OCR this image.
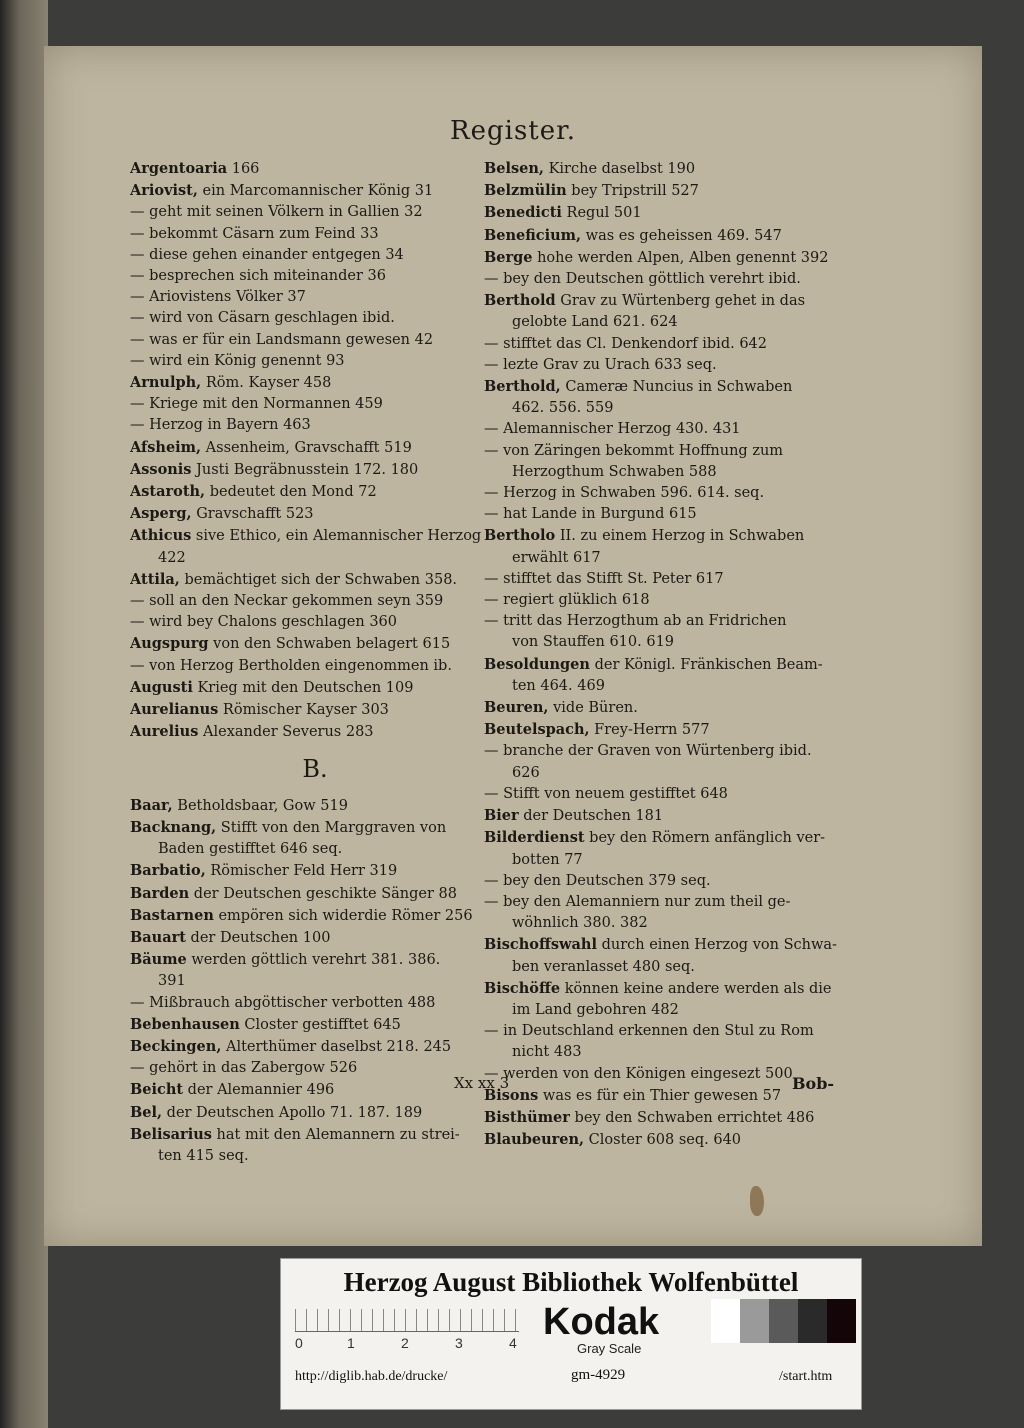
Register.
Argentoaria 166
Ariovist, ein Marcomannischer König 31
— geht mit seinen Völkern in Gallien 32
— bekommt Cäsarn zum Feind 33
— diese gehen einander entgegen 34
— besprechen sich miteinander 36
— Ariovistens Völker 37
— wird von Cäsarn geschlagen ibid.
— was er für ein Landsmann gewesen 42
— wird ein König genennt 93
Arnulph, Röm. Kayser 458
— Kriege mit den Normannen 459
— Herzog in Bayern 463
Afsheim, Assenheim, Gravschafft 519
Assonis Justi Begräbnusstein 172. 180
Astaroth, bedeutet den Mond 72
Asperg, Gravschafft 523
Athicus sive Ethico, ein Alemannischer Herzog
422
Attila, bemächtiget sich der Schwaben 358.
— soll an den Neckar gekommen seyn 359
— wird bey Chalons geschlagen 360
Augspurg von den Schwaben belagert 615
— von Herzog Bertholden eingenommen ib.
Augusti Krieg mit den Deutschen 109
Aurelianus Römischer Kayser 303
Aurelius Alexander Severus 283
B.
Baar, Betholdsbaar, Gow 519
Backnang, Stifft von den Marggraven von
Baden gestifftet 646 seq.
Barbatio, Römischer Feld Herr 319
Barden der Deutschen geschikte Sänger 88
Bastarnen empören sich widerdie Römer 256
Bauart der Deutschen 100
Bäume werden göttlich verehrt 381. 386.
391
— Mißbrauch abgöttischer verbotten 488
Bebenhausen Closter gestifftet 645
Beckingen, Alterthümer daselbst 218. 245
— gehört in das Zabergow 526
Beicht der Alemannier 496
Bel, der Deutschen Apollo 71. 187. 189
Belisarius hat mit den Alemannern zu strei-
ten 415 seq.
Belsen, Kirche daselbst 190
Belzmülin bey Tripstrill 527
Benedicti Regul 501
Beneficium, was es geheissen 469. 547
Berge hohe werden Alpen, Alben genennt 392
— bey den Deutschen göttlich verehrt ibid.
Berthold Grav zu Würtenberg gehet in das
gelobte Land 621. 624
— stifftet das Cl. Denkendorf ibid. 642
— lezte Grav zu Urach 633 seq.
Berthold, Cameræ Nuncius in Schwaben
462. 556. 559
— Alemannischer Herzog 430. 431
— von Zäringen bekommt Hoffnung zum
Herzogthum Schwaben 588
— Herzog in Schwaben 596. 614. seq.
— hat Lande in Burgund 615
Bertholo II. zu einem Herzog in Schwaben
erwählt 617
— stifftet das Stifft St. Peter 617
— regiert glüklich 618
— tritt das Herzogthum ab an Fridrichen
von Stauffen 610. 619
Besoldungen der Königl. Fränkischen Beam-
ten 464. 469
Beuren, vide Büren.
Beutelspach, Frey-Herrn 577
— branche der Graven von Würtenberg ibid.
626
— Stifft von neuem gestifftet 648
Bier der Deutschen 181
Bilderdienst bey den Römern anfänglich ver-
botten 77
— bey den Deutschen 379 seq.
— bey den Alemanniern nur zum theil ge-
wöhnlich 380. 382
Bischoffswahl durch einen Herzog von Schwa-
ben veranlasset 480 seq.
Bischöffe können keine andere werden als die
im Land gebohren 482
— in Deutschland erkennen den Stul zu Rom
nicht 483
— werden von den Königen eingesezt 500
Bisons was es für ein Thier gewesen 57
Bisthümer bey den Schwaben errichtet 486
Blaubeuren, Closter 608 seq. 640
Xx xx 3	Bob-
Herzog August Bibliothek Wolfenbüttel
0	1	2	3	4 Kodak
Gray Scale
http://diglib.hab.de/drucke/	gm-4929	/start.htm
